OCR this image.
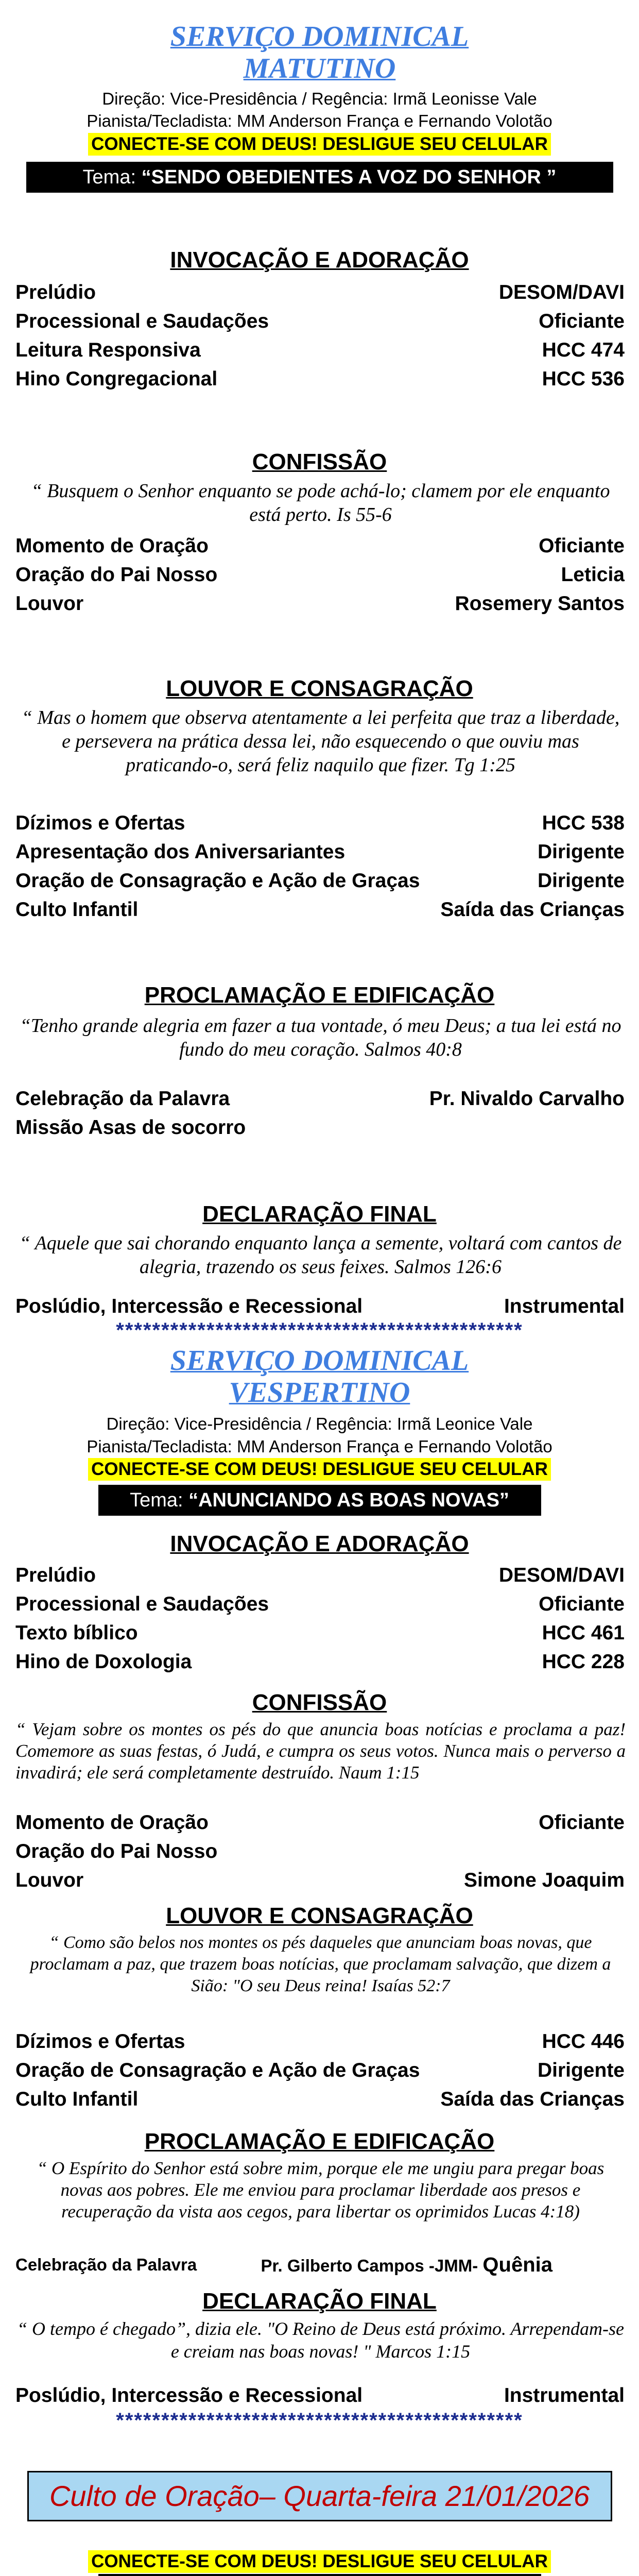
SERVIÇO DOMINICAL
MATUTINO
Direção: Vice-Presidência / Regência: Irmã Leonisse Vale
Pianista/Tecladista: MM Anderson França e Fernando Volotão
CONECTE-SE COM DEUS! DESLIGUE SEU CELULAR
Tema: “SENDO OBEDIENTES A VOZ DO SENHOR ”
INVOCAÇÃO E ADORAÇÃO
Prelúdio	DESOM/DAVI
Processional e Saudações	Oficiante
Leitura Responsiva	HCC 474
Hino Congregacional	HCC 536
CONFISSÃO
“ Busquem o Senhor enquanto se pode achá-lo; clamem por ele enquanto está perto. Is 55-6
Momento de Oração	Oficiante
Oração do Pai Nosso	Leticia
Louvor	Rosemery Santos
LOUVOR E CONSAGRAÇÃO
“ Mas o homem que observa atentamente a lei perfeita que traz a liberdade, e persevera na prática dessa lei, não esquecendo o que ouviu mas praticando-o, será feliz naquilo que fizer. Tg 1:25
Dízimos e Ofertas	HCC 538
Apresentação dos Aniversariantes	Dirigente
Oração de Consagração e Ação de Graças	Dirigente
Culto Infantil	Saída das Crianças
PROCLAMAÇÃO E EDIFICAÇÃO
“Tenho grande alegria em fazer a tua vontade, ó meu Deus; a tua lei está no fundo do meu coração. Salmos 40:8
Celebração da Palavra	Pr. Nivaldo Carvalho
Missão Asas de socorro
DECLARAÇÃO FINAL
“ Aquele que sai chorando enquanto lança a semente, voltará com cantos de alegria, trazendo os seus feixes. Salmos 126:6
Poslúdio, Intercessão e Recessional	Instrumental
*********************************************
SERVIÇO DOMINICAL
VESPERTINO
Direção: Vice-Presidência / Regência: Irmã Leonice Vale
Pianista/Tecladista: MM Anderson França e Fernando Volotão
CONECTE-SE COM DEUS! DESLIGUE SEU CELULAR
Tema: “ANUNCIANDO AS BOAS NOVAS”
INVOCAÇÃO E ADORAÇÃO
Prelúdio	DESOM/DAVI
Processional e Saudações	Oficiante
Texto bíblico	HCC 461
Hino de Doxologia	HCC 228
CONFISSÃO
“ Vejam sobre os montes os pés do que anuncia boas notícias e proclama a paz! Comemore as suas festas, ó Judá, e cumpra os seus votos. Nunca mais o perverso a invadirá; ele será completamente destruído. Naum 1:15
Momento de Oração	Oficiante
Oração do Pai Nosso
Louvor	Simone Joaquim
LOUVOR E CONSAGRAÇÃO
“ Como são belos nos montes os pés daqueles que anunciam boas novas, que proclamam a paz, que trazem boas notícias, que proclamam salvação, que dizem a Sião: "O seu Deus reina! Isaías 52:7
Dízimos e Ofertas	HCC 446
Oração de Consagração e Ação de Graças	Dirigente
Culto Infantil	Saída das Crianças
PROCLAMAÇÃO E EDIFICAÇÃO
“ O Espírito do Senhor está sobre mim, porque ele me ungiu para pregar boas novas aos pobres. Ele me enviou para proclamar liberdade aos presos e recuperação da vista aos cegos, para libertar os oprimidos Lucas 4:18)
Celebração da Palavra	Pr. Gilberto Campos -JMM- Quênia
DECLARAÇÃO FINAL
“ O tempo é chegado”, dizia ele. "O Reino de Deus está próximo. Arrependam-se e creiam nas boas novas! " Marcos 1:15
Poslúdio, Intercessão e Recessional	Instrumental
*********************************************
Culto de Oração– Quarta-feira 21/01/2026
CONECTE-SE COM DEUS! DESLIGUE SEU CELULAR
